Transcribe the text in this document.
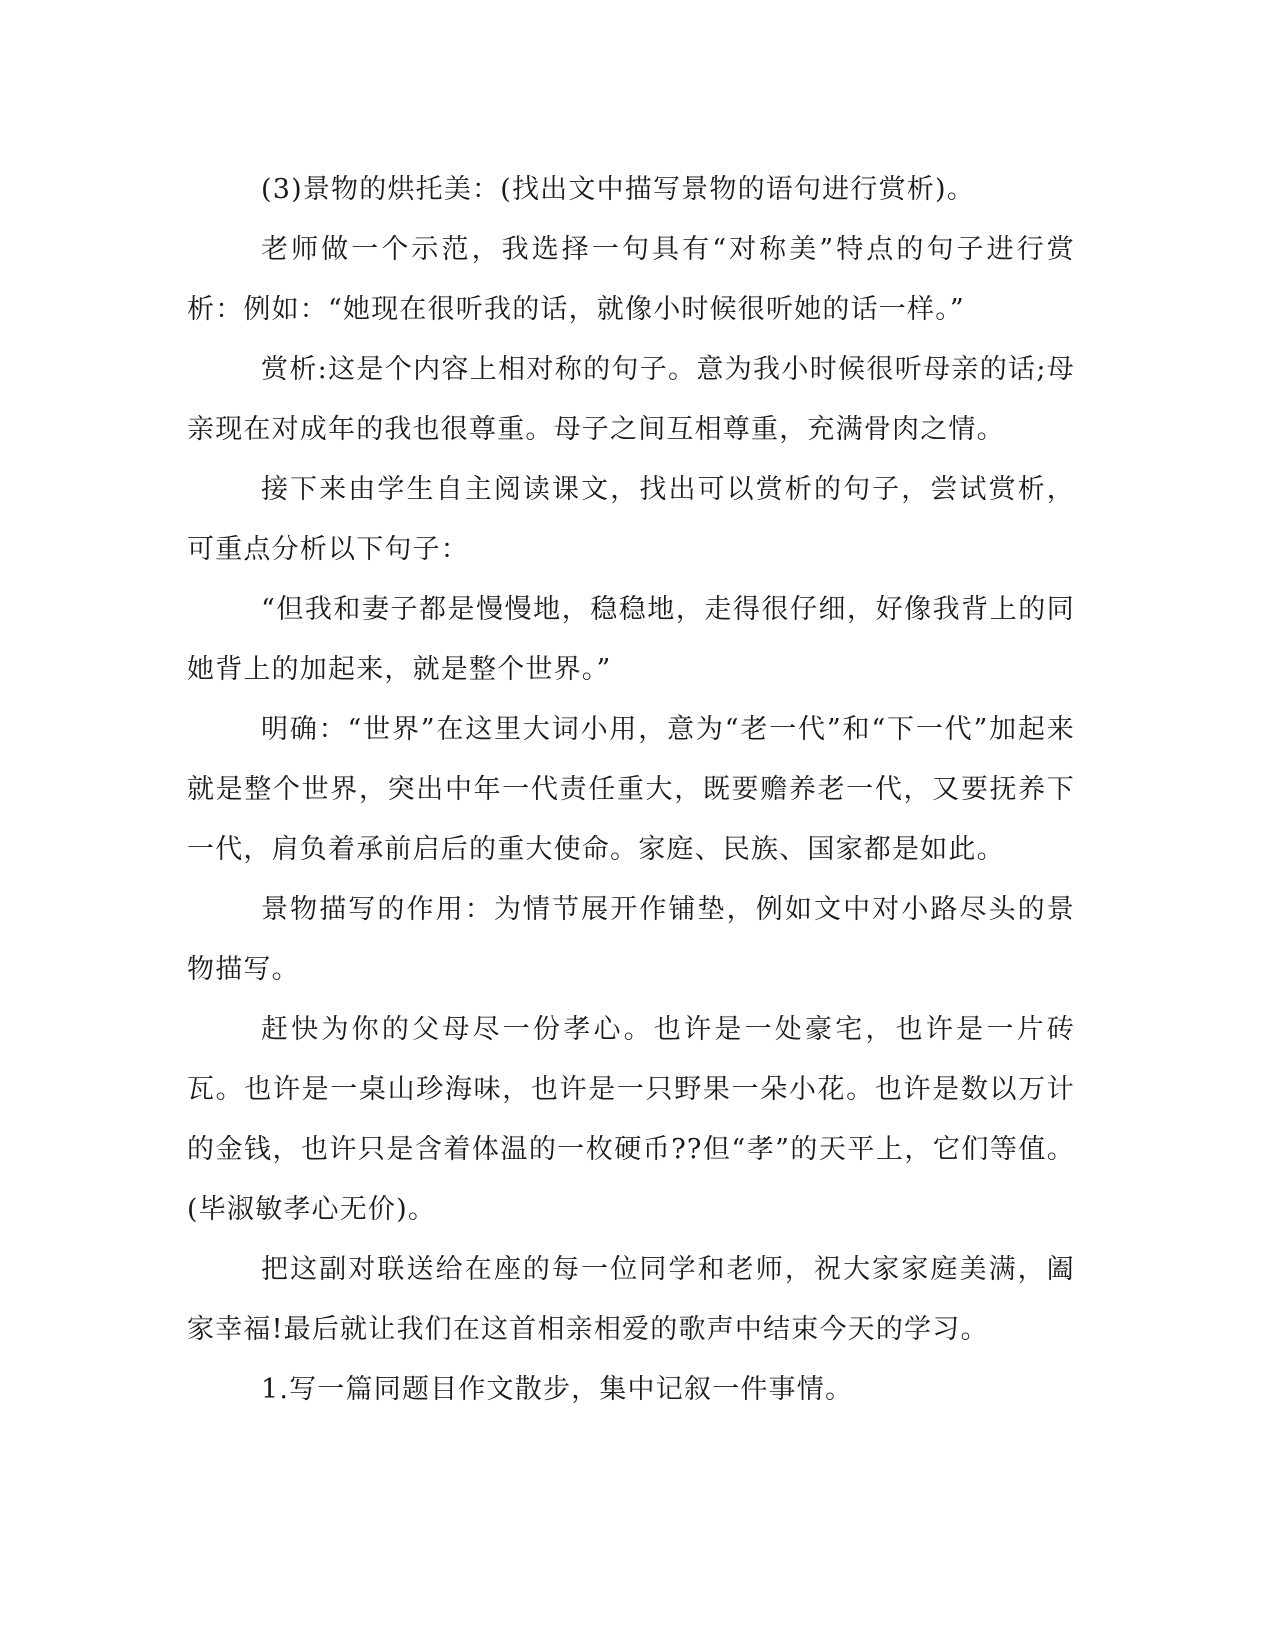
(3)景物的烘托美：(找出文中描写景物的语句进行赏析)。

老师做一个示范，我选择一句具有“对称美”特点的句子进行赏析：例如：“她现在很听我的话，就像小时候很听她的话一样。”

赏析:这是个内容上相对称的句子。意为我小时候很听母亲的话;母亲现在对成年的我也很尊重。母子之间互相尊重，充满骨肉之情。

接下来由学生自主阅读课文，找出可以赏析的句子，尝试赏析，可重点分析以下句子：

“但我和妻子都是慢慢地，稳稳地，走得很仔细，好像我背上的同她背上的加起来，就是整个世界。”

明确：“世界”在这里大词小用，意为“老一代”和“下一代”加起来就是整个世界，突出中年一代责任重大，既要赡养老一代，又要抚养下一代，肩负着承前启后的重大使命。家庭、民族、国家都是如此。

景物描写的作用：为情节展开作铺垫，例如文中对小路尽头的景物描写。

赶快为你的父母尽一份孝心。也许是一处豪宅，也许是一片砖瓦。也许是一桌山珍海味，也许是一只野果一朵小花。也许是数以万计的金钱，也许只是含着体温的一枚硬币??但“孝”的天平上，它们等值。(毕淑敏孝心无价)。

把这副对联送给在座的每一位同学和老师，祝大家家庭美满，阖家幸福!最后就让我们在这首相亲相爱的歌声中结束今天的学习。

1.写一篇同题目作文散步，集中记叙一件事情。
